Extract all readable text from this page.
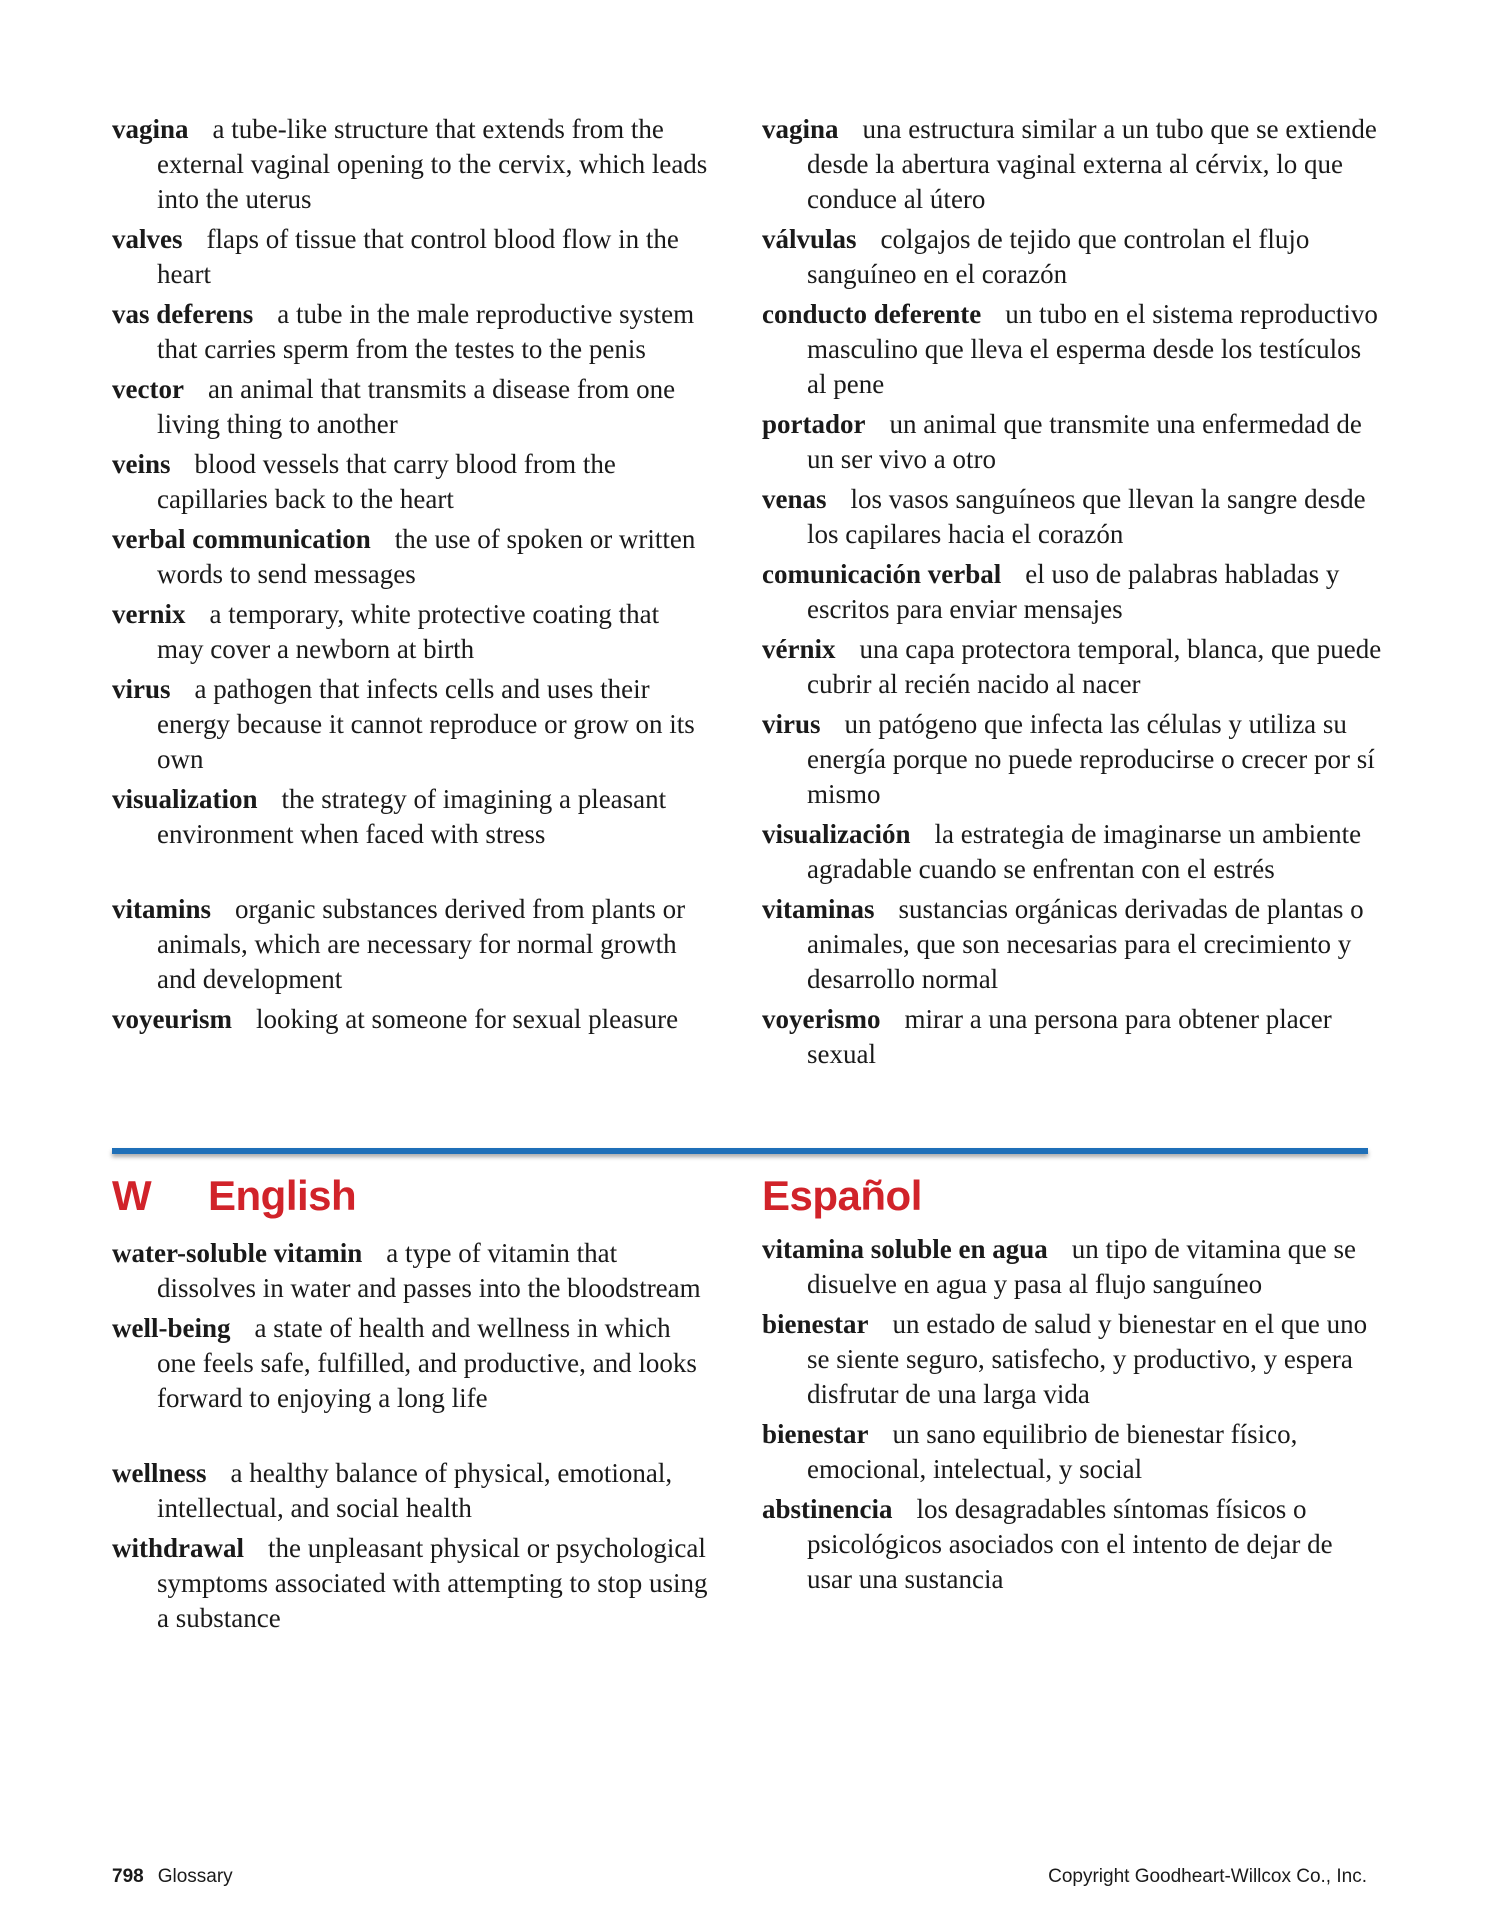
vagina a tube-like structure that extends from the external vaginal opening to the cervix, which leads into the uterus
valves flaps of tissue that control blood flow in the heart
vas deferens a tube in the male reproductive system that carries sperm from the testes to the penis
vector an animal that transmits a disease from one living thing to another
veins blood vessels that carry blood from the capillaries back to the heart
verbal communication the use of spoken or written words to send messages
vernix a temporary, white protective coating that may cover a newborn at birth
virus a pathogen that infects cells and uses their energy because it cannot reproduce or grow on its own
visualization the strategy of imagining a pleasant environment when faced with stress
vitamins organic substances derived from plants or animals, which are necessary for normal growth and development
voyeurism looking at someone for sexual pleasure
vagina una estructura similar a un tubo que se extiende desde la abertura vaginal externa al cérvix, lo que conduce al útero
válvulas colgajos de tejido que controlan el flujo sanguíneo en el corazón
conducto deferente un tubo en el sistema reproductivo masculino que lleva el esperma desde los testículos al pene
portador un animal que transmite una enfermedad de un ser vivo a otro
venas los vasos sanguíneos que llevan la sangre desde los capilares hacia el corazón
comunicación verbal el uso de palabras habladas y escritos para enviar mensajes
vérnix una capa protectora temporal, blanca, que puede cubrir al recién nacido al nacer
virus un patógeno que infecta las células y utiliza su energía porque no puede reproducirse o crecer por sí mismo
visualización la estrategia de imaginarse un ambiente agradable cuando se enfrentan con el estrés
vitaminas sustancias orgánicas derivadas de plantas o animales, que son necesarias para el crecimiento y desarrollo normal
voyerismo mirar a una persona para obtener placer sexual
W English	Español
water-soluble vitamin a type of vitamin that dissolves in water and passes into the bloodstream
well-being a state of health and wellness in which one feels safe, fulfilled, and productive, and looks forward to enjoying a long life
wellness a healthy balance of physical, emotional, intellectual, and social health
withdrawal the unpleasant physical or psychological symptoms associated with attempting to stop using a substance
vitamina soluble en agua un tipo de vitamina que se disuelve en agua y pasa al flujo sanguíneo
bienestar un estado de salud y bienestar en el que uno se siente seguro, satisfecho, y productivo, y espera disfrutar de una larga vida
bienestar un sano equilibrio de bienestar físico, emocional, intelectual, y social
abstinencia los desagradables síntomas físicos o psicológicos asociados con el intento de dejar de usar una sustancia
798 Glossary	Copyright Goodheart-Willcox Co., Inc.
